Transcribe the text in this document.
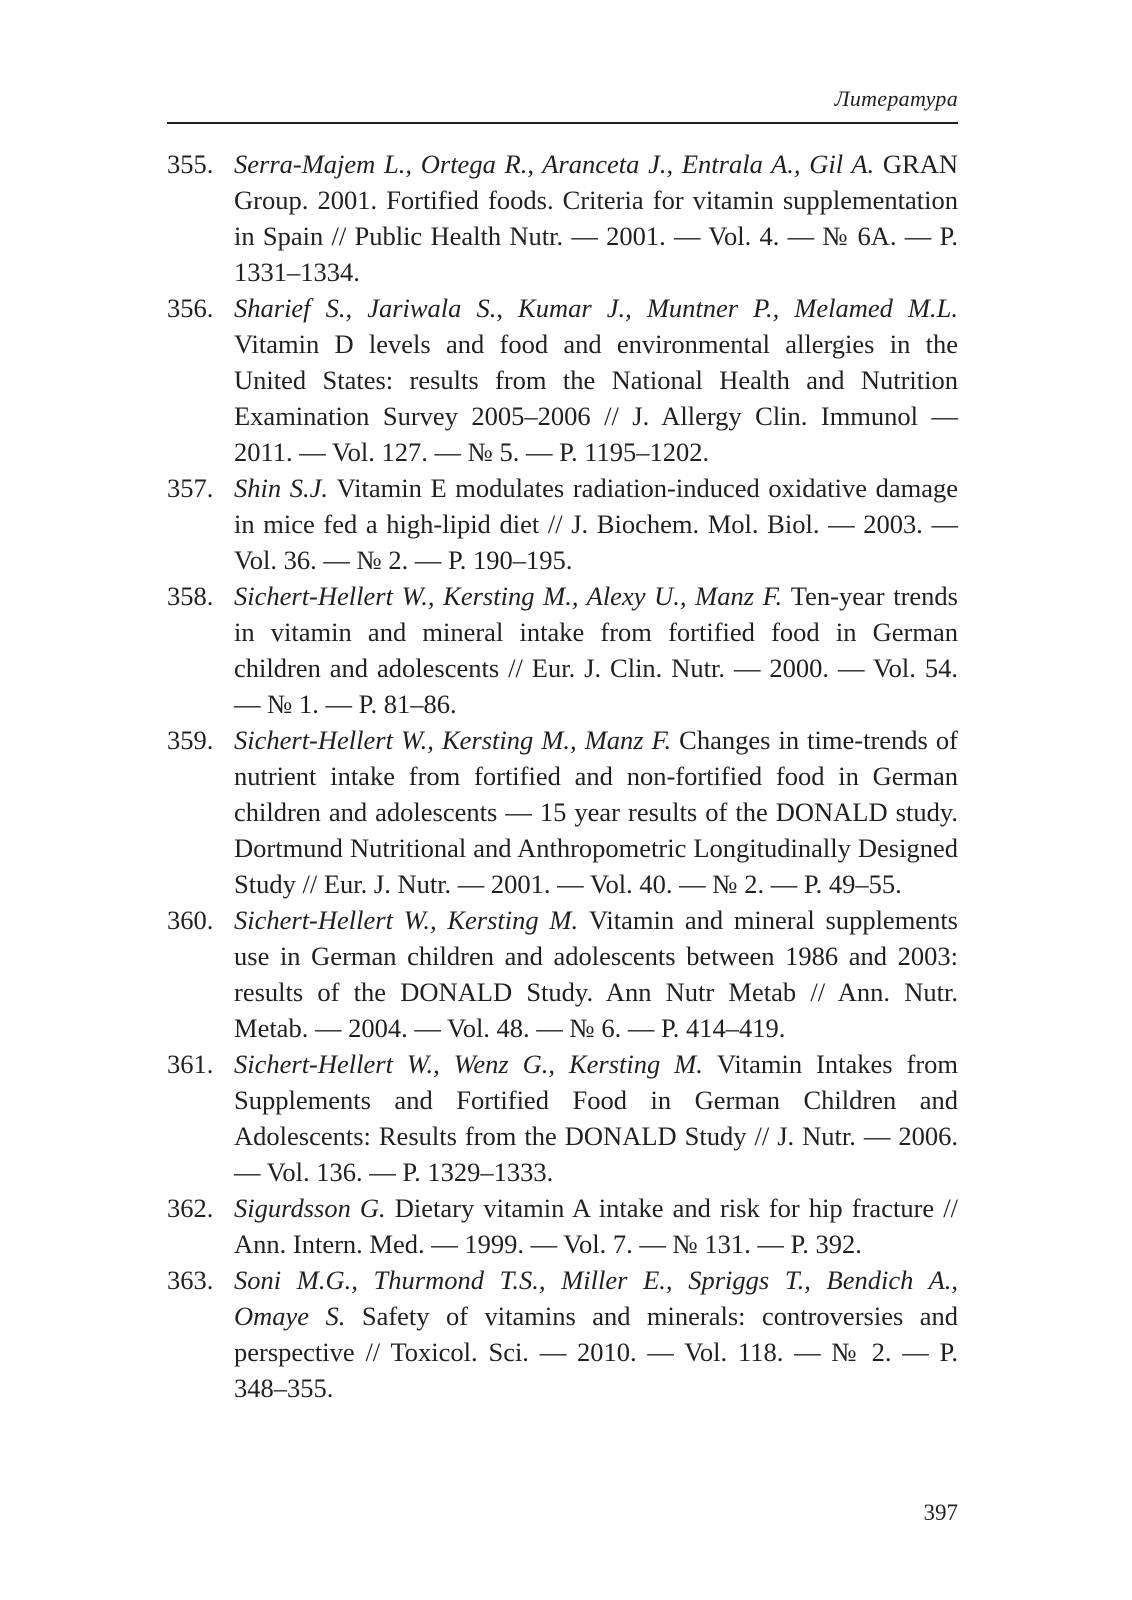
Литература
355. Serra-Majem L., Ortega R., Aranceta J., Entrala A., Gil A. GRAN Group. 2001. Fortified foods. Criteria for vitamin supplementation in Spain // Public Health Nutr. — 2001. — Vol. 4. — № 6A. — P. 1331–1334.
356. Sharief S., Jariwala S., Kumar J., Muntner P., Melamed M.L. Vitamin D levels and food and environmental allergies in the United States: results from the National Health and Nutrition Examination Survey 2005–2006 // J. Allergy Clin. Immunol — 2011. — Vol. 127. — № 5. — P. 1195–1202.
357. Shin S.J. Vitamin E modulates radiation-induced oxidative damage in mice fed a high-lipid diet // J. Biochem. Mol. Biol. — 2003. — Vol. 36. — № 2. — P. 190–195.
358. Sichert-Hellert W., Kersting M., Alexy U., Manz F. Ten-year trends in vitamin and mineral intake from fortified food in German children and adolescents // Eur. J. Clin. Nutr. — 2000. — Vol. 54. — № 1. — P. 81–86.
359. Sichert-Hellert W., Kersting M., Manz F. Changes in time-trends of nutrient intake from fortified and non-fortified food in German children and adolescents — 15 year results of the DONALD study. Dortmund Nutritional and Anthropometric Longitudinally Designed Study // Eur. J. Nutr. — 2001. — Vol. 40. — № 2. — P. 49–55.
360. Sichert-Hellert W., Kersting M. Vitamin and mineral supplements use in German children and adolescents between 1986 and 2003: results of the DONALD Study. Ann Nutr Metab // Ann. Nutr. Metab. — 2004. — Vol. 48. — № 6. — P. 414–419.
361. Sichert-Hellert W., Wenz G., Kersting M. Vitamin Intakes from Supplements and Fortified Food in German Children and Adolescents: Results from the DONALD Study // J. Nutr. — 2006. — Vol. 136. — P. 1329–1333.
362. Sigurdsson G. Dietary vitamin A intake and risk for hip fracture // Ann. Intern. Med. — 1999. — Vol. 7. — № 131. — P. 392.
363. Soni M.G., Thurmond T.S., Miller E., Spriggs T., Bendich A., Omaye S. Safety of vitamins and minerals: controversies and perspective // Toxicol. Sci. — 2010. — Vol. 118. — № 2. — P. 348–355.
397
